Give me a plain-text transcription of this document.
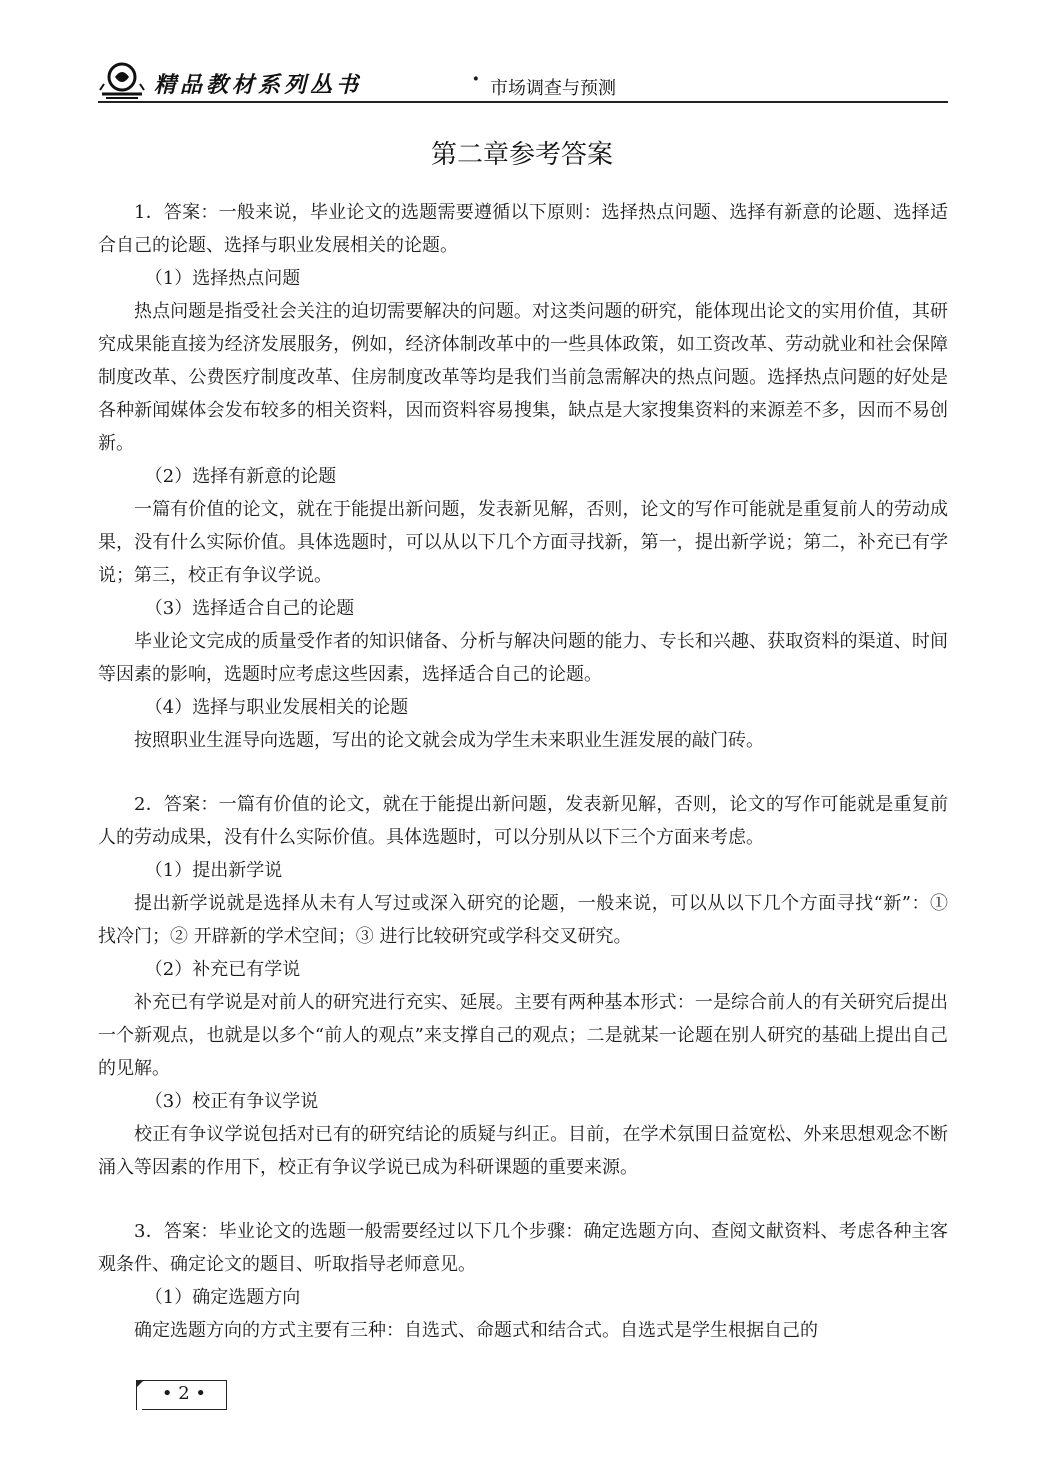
精品教材系列丛书	· 市场调查与预测
第二章参考答案

1．答案：一般来说，毕业论文的选题需要遵循以下原则：选择热点问题、选择有新意的论题、选择适合自己的论题、选择与职业发展相关的论题。

（1）选择热点问题

热点问题是指受社会关注的迫切需要解决的问题。对这类问题的研究，能体现出论文的实用价值，其研究成果能直接为经济发展服务，例如，经济体制改革中的一些具体政策，如工资改革、劳动就业和社会保障制度改革、公费医疗制度改革、住房制度改革等均是我们当前急需解决的热点问题。选择热点问题的好处是各种新闻媒体会发布较多的相关资料，因而资料容易搜集，缺点是大家搜集资料的来源差不多，因而不易创新。

（2）选择有新意的论题

一篇有价值的论文，就在于能提出新问题，发表新见解，否则，论文的写作可能就是重复前人的劳动成果，没有什么实际价值。具体选题时，可以从以下几个方面寻找新，第一，提出新学说；第二，补充已有学说；第三，校正有争议学说。

（3）选择适合自己的论题

毕业论文完成的质量受作者的知识储备、分析与解决问题的能力、专长和兴趣、获取资料的渠道、时间等因素的影响，选题时应考虑这些因素，选择适合自己的论题。

（4）选择与职业发展相关的论题

按照职业生涯导向选题，写出的论文就会成为学生未来职业生涯发展的敲门砖。

2．答案：一篇有价值的论文，就在于能提出新问题，发表新见解，否则，论文的写作可能就是重复前人的劳动成果，没有什么实际价值。具体选题时，可以分别从以下三个方面来考虑。

（1）提出新学说

提出新学说就是选择从未有人写过或深入研究的论题，一般来说，可以从以下几个方面寻找“新”：① 找冷门；② 开辟新的学术空间；③ 进行比较研究或学科交叉研究。

（2）补充已有学说

补充已有学说是对前人的研究进行充实、延展。主要有两种基本形式：一是综合前人的有关研究后提出一个新观点，也就是以多个“前人的观点”来支撑自己的观点；二是就某一论题在别人研究的基础上提出自己的见解。

（3）校正有争议学说

校正有争议学说包括对已有的研究结论的质疑与纠正。目前，在学术氛围日益宽松、外来思想观念不断涌入等因素的作用下，校正有争议学说已成为科研课题的重要来源。

3．答案：毕业论文的选题一般需要经过以下几个步骤：确定选题方向、查阅文献资料、考虑各种主客观条件、确定论文的题目、听取指导老师意见。

（1）确定选题方向

确定选题方向的方式主要有三种：自选式、命题式和结合式。自选式是学生根据自己的

• 2 •
